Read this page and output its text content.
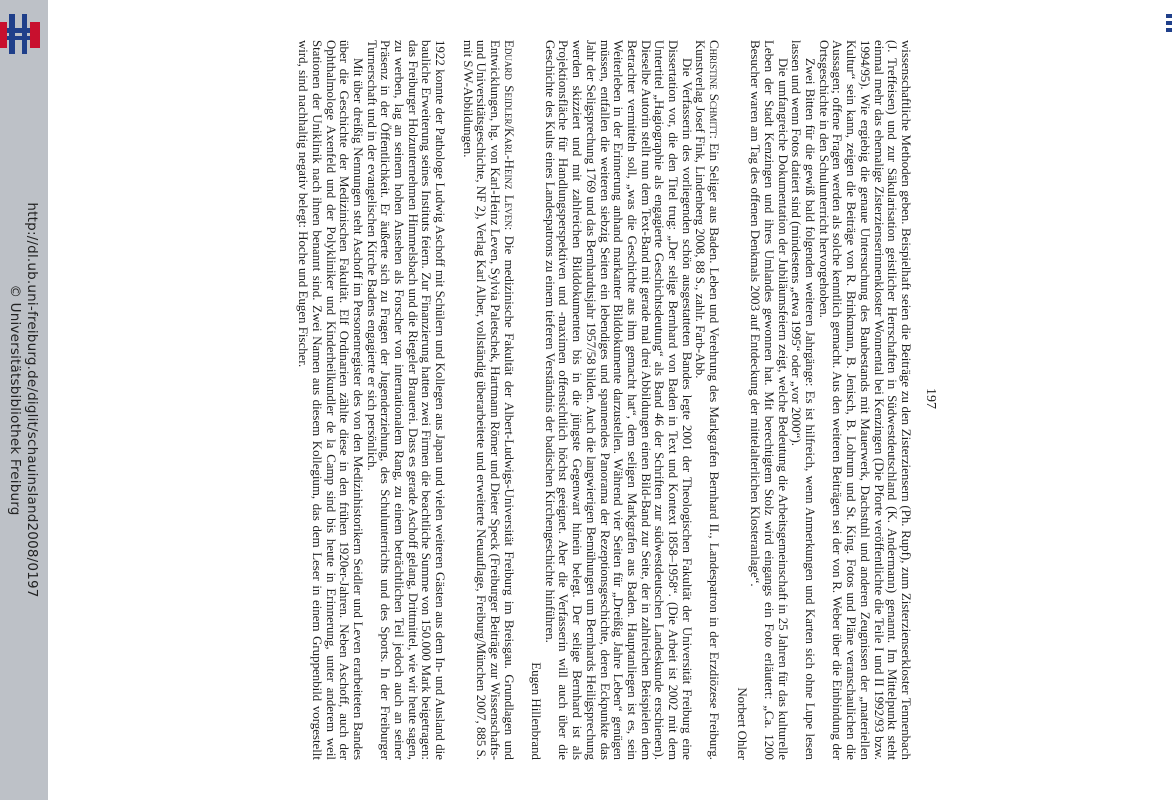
http://dl.ub.uni-freiburg.de/diglit/schauinsland2008/0197
© Universitätsbibliothek Freiburg	197

wissenschaftliche Methoden geben. Beispielhaft seien die Beiträge zu den Zisterziensern (Ph. Rupf), zum Zisterzienserkloster Tennenbach (J. Treffeisen) und zur Säkularisation geistlicher Herrschaften in Südwestdeutschland (K. Andermann) genannt. Im Mittelpunkt steht einmal mehr das ehemalige Zisterzienserinnenkloster Wonnental bei Kenzingen (Die Pforte veröffentlichte die Teile I und II 1992/93 bzw. 1994/95). Wie ergiebig die genaue Untersuchung des Baubestands mit Mauerwerk, Dachstuhl und anderen Zeugnissen der „materiellen Kultur“ sein kann, zeigen die Beiträge von R. Brinkmann, B. Jenisch, B. Lohrum und St. King. Fotos und Pläne veranschaulichen die Aussagen; offene Fragen werden als solche kenntlich gemacht. Aus den weiteren Beiträgen sei der von R. Weber über die Einbindung der Ortsgeschichte in den Schulunterricht hervorgehoben.

Zwei Bitten für die gewiß bald folgenden weiteren Jahrgänge: Es ist hilfreich, wenn Anmerkungen und Karten sich ohne Lupe lesen lassen und wenn Fotos datiert sind (mindestens „etwa 1995“ oder „vor 2000“).

Die umfangreiche Dokumentation der Jubiläumsfeiern zeigt, welche Bedeutung die Arbeitsgemeinschaft in 25 Jahren für das kulturelle Leben der Stadt Kenzingen und ihres Umlandes gewonnen hat. Mit berechtigtem Stolz wird eingangs ein Foto erläutert: „Ca. 1200 Besucher waren am Tag des offenen Denkmals 2003 auf Entdeckung der mittelalterlichen Klosteranlage“.

Norbert Ohler

Christine Schmitt: Ein Seliger aus Baden. Leben und Verehrung des Markgrafen Bernhard II., Landespatron in der Erzdiözese Freiburg. Kunstverlag Josef Fink, Lindenberg 2008, 88 S., zahlr. Farb-Abb.

Die Verfasserin des vorliegenden schön ausgestatteten Bandes legte 2001 der Theologischen Fakultät der Universität Freiburg eine Dissertation vor, die den Titel trug: „Der selige Bernhard von Baden in Text und Kontext 1858–1958“. (Die Arbeit ist 2002 mit dem Untertitel „Hagiographie als engagierte Geschichtsdeutung“ als Band 46 der Schriften zur südwestdeutschen Landeskunde erschienen). Dieselbe Autorin stellt nun dem Text-Band mit gerade mal drei Abbildungen einen Bild-Band zur Seite, der in zahlreichen Beispielen dem Betrachter vermitteln soll, „was die Geschichte aus ihm gemacht hat“, dem seligen Markgrafen aus Baden. Hauptanliegen ist es, sein Weiterleben in der Erinnerung anhand markanter Bilddokumente darzustellen. Während vier Seiten für „Dreißig Jahre Leben“ genügen müssen, entfallen die weiteren siebzig Seiten ein lebendiges und spannendes Panorama der Rezeptionsgeschichte, deren Eckpunkte das Jahr der Seligsprechung 1769 und das Bernhardusjahr 1957/58 bilden. Auch die langwierigen Bemühungen um Bernhards Heiligsprechung werden skizziert und mit zahlreichen Bilddokumenten bis in die jüngste Gegenwart hinein belegt. Der selige Bernhard ist als Projektionsfläche für Handlungsperspektiven und -maximen offensichtlich höchst geeignet. Aber die Verfasserin will auch über die Geschichte des Kults eines Landespatrons zu einem tieferen Verständnis der badischen Kirchengeschichte hinführen.

Eugen Hillenbrand

Eduard Seidler/Karl-Heinz Leven: Die medizinische Fakultät der Albert-Ludwigs-Universität Freiburg im Breisgau. Grundlagen und Entwicklungen, hg. von Karl-Heinz Leven, Sylvia Paletschek, Hartmann Römer und Dieter Speck (Freiburger Beiträge zur Wissenschafts- und Universitätsgeschichte, NF 2), Verlag Karl Alber, vollständig überarbeitete und erweiterte Neuauflage, Freiburg/München 2007, 885 S. mit S/W-Abbildungen.

1922 konnte der Pathologe Ludwig Aschoff mit Schülern und Kollegen aus Japan und vielen weiteren Gästen aus dem In- und Ausland die bauliche Erweiterung seines Instituts feiern. Zur Finanzierung hatten zwei Firmen die beachtliche Summe von 150.000 Mark beigetragen: das Freiburger Holzunternehmen Himmelsbach und die Riegeler Brauerei. Dass es gerade Aschoff gelang, Drittmittel, wie wir heute sagen, zu werben, lag an seinem hohen Ansehen als Forscher von internationalem Rang, zu einem beträchtlichen Teil jedoch auch an seiner Präsenz in der Öffentlichkeit. Er äußerte sich zu Fragen der Jugenderziehung, des Schulunterrichts und des Sports. In der Freiburger Turnerschaft und in der evangelischen Kirche Badens engagierte er sich persönlich.

Mit über dreißig Nennungen steht Aschoff im Personenregister des von den Medizinhistorikern Seidler und Leven erarbeiteten Bandes über die Geschichte der Medizinischen Fakultät. Elf Ordinarien zählte diese in den frühen 1920er-Jahren. Neben Aschoff, auch der Ophthalmologe Axenfeld und der Polykliniker und Kinderheilkundler de la Camp sind bis heute in Erinnerung, unter anderem weil Stationen der Uniklinik nach ihnen benannt sind. Zwei Namen aus diesem Kollegium, das dem Leser in einem Gruppenbild vorgestellt wird, sind nachhaltig negativ belegt: Hoche und Eugen Fischer.
